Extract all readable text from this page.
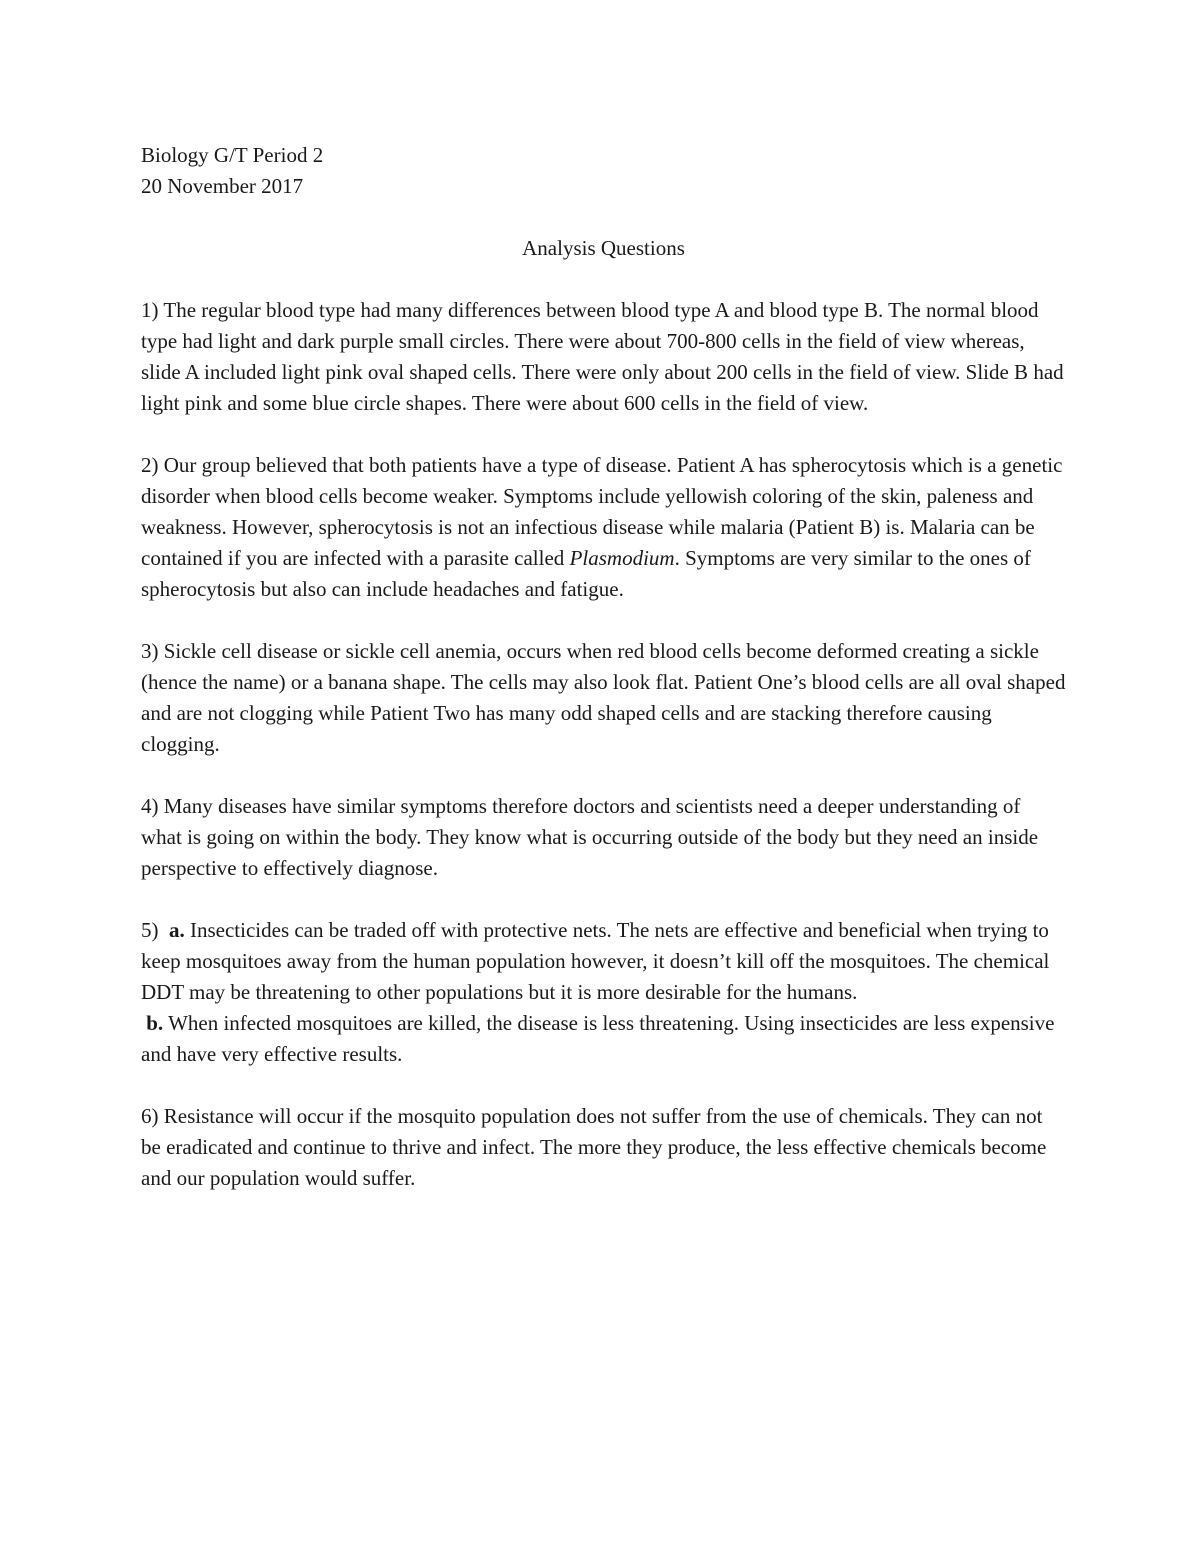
Biology G/T Period 2

20 November 2017

Analysis Questions

1) The regular blood type had many differences between blood type A and blood type B. The normal blood type had light and dark purple small circles. There were about 700-800 cells in the field of view whereas, slide A included light pink oval shaped cells. There were only about 200 cells in the field of view. Slide B had light pink and some blue circle shapes. There were about 600 cells in the field of view.

2) Our group believed that both patients have a type of disease. Patient A has spherocytosis which is a genetic disorder when blood cells become weaker. Symptoms include yellowish coloring of the skin, paleness and weakness. However, spherocytosis is not an infectious disease while malaria (Patient B) is. Malaria can be contained if you are infected with a parasite called Plasmodium. Symptoms are very similar to the ones of spherocytosis but also can include headaches and fatigue.

3) Sickle cell disease or sickle cell anemia, occurs when red blood cells become deformed creating a sickle (hence the name) or a banana shape. The cells may also look flat. Patient One’s blood cells are all oval shaped and are not clogging while Patient Two has many odd shaped cells and are stacking therefore causing clogging.

4) Many diseases have similar symptoms therefore doctors and scientists need a deeper understanding of what is going on within the body. They know what is occurring outside of the body but they need an inside perspective to effectively diagnose.

5) a. Insecticides can be traded off with protective nets. The nets are effective and beneficial when trying to keep mosquitoes away from the human population however, it doesn’t kill off the mosquitoes. The chemical DDT may be threatening to other populations but it is more desirable for the humans.

b. When infected mosquitoes are killed, the disease is less threatening. Using insecticides are less expensive and have very effective results.

6) Resistance will occur if the mosquito population does not suffer from the use of chemicals. They can not be eradicated and continue to thrive and infect. The more they produce, the less effective chemicals become and our population would suffer.
